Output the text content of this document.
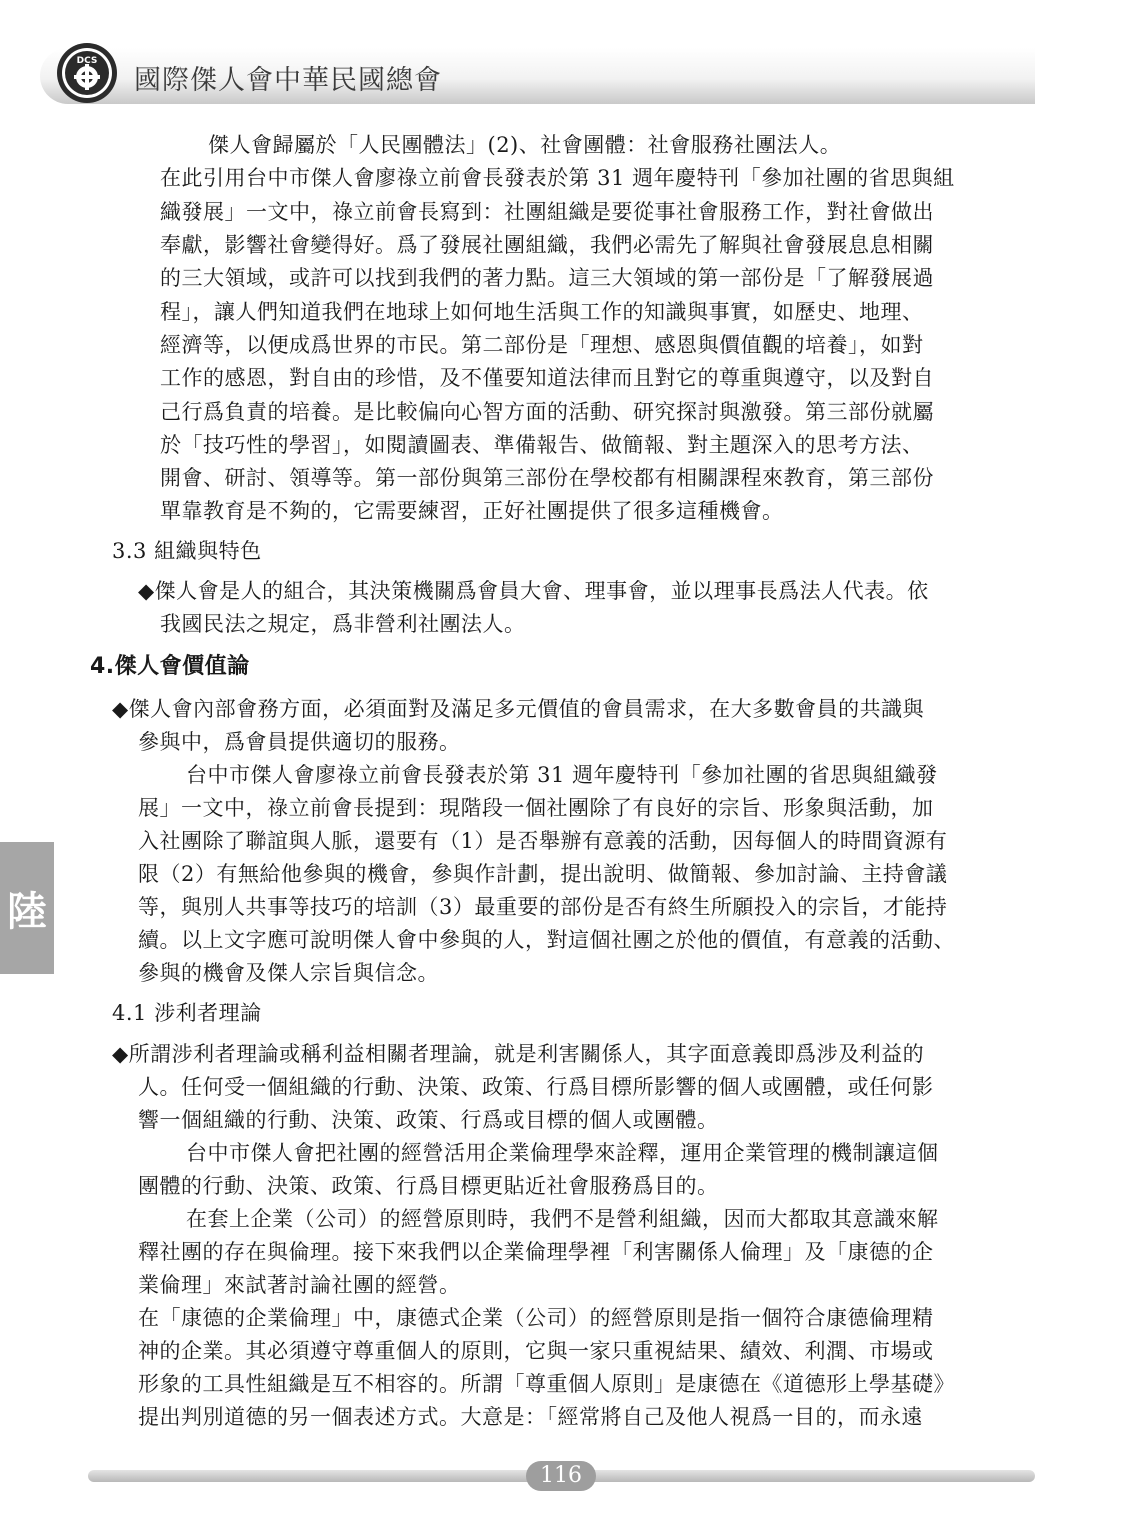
DCS
國際傑人會中華民國總會
陸
傑人會歸屬於「人民團體法」(2)、社會團體：社會服務社團法人。
在此引用台中市傑人會廖祿立前會長發表於第 31 週年慶特刊「參加社團的省思與組
織發展」一文中，祿立前會長寫到：社團組織是要從事社會服務工作，對社會做出
奉獻，影響社會變得好。爲了發展社團組織，我們必需先了解與社會發展息息相關
的三大領域，或許可以找到我們的著力點。這三大領域的第一部份是「了解發展過
程」，讓人們知道我們在地球上如何地生活與工作的知識與事實，如歷史、地理、
經濟等，以便成爲世界的市民。第二部份是「理想、感恩與價值觀的培養」，如對
工作的感恩，對自由的珍惜，及不僅要知道法律而且對它的尊重與遵守，以及對自
己行爲負責的培養。是比較偏向心智方面的活動、研究探討與激發。第三部份就屬
於「技巧性的學習」，如閱讀圖表、準備報告、做簡報、對主題深入的思考方法、
開會、研討、領導等。第一部份與第三部份在學校都有相關課程來教育，第三部份
單靠教育是不夠的，它需要練習，正好社團提供了很多這種機會。
3.3 組織與特色
◆傑人會是人的組合，其決策機關爲會員大會、理事會，並以理事長爲法人代表。依
我國民法之規定，爲非營利社團法人。
4.傑人會價值論
◆傑人會內部會務方面，必須面對及滿足多元價值的會員需求，在大多數會員的共識與
參與中，爲會員提供適切的服務。
台中市傑人會廖祿立前會長發表於第 31 週年慶特刊「參加社團的省思與組織發
展」一文中，祿立前會長提到：現階段一個社團除了有良好的宗旨、形象與活動，加
入社團除了聯誼與人脈，還要有（1）是否舉辦有意義的活動，因每個人的時間資源有
限（2）有無給他參與的機會，參與作計劃，提出說明、做簡報、參加討論、主持會議
等，與別人共事等技巧的培訓（3）最重要的部份是否有終生所願投入的宗旨，才能持
續。以上文字應可說明傑人會中參與的人，對這個社團之於他的價值，有意義的活動、
參與的機會及傑人宗旨與信念。
4.1 涉利者理論
◆所謂涉利者理論或稱利益相關者理論，就是利害關係人，其字面意義即爲涉及利益的
人。任何受一個組織的行動、決策、政策、行爲目標所影響的個人或團體，或任何影
響一個組織的行動、決策、政策、行爲或目標的個人或團體。
台中市傑人會把社團的經營活用企業倫理學來詮釋，運用企業管理的機制讓這個
團體的行動、決策、政策、行爲目標更貼近社會服務爲目的。
在套上企業（公司）的經營原則時，我們不是營利組織，因而大都取其意識來解
釋社團的存在與倫理。接下來我們以企業倫理學裡「利害關係人倫理」及「康德的企
業倫理」來試著討論社團的經營。
在「康德的企業倫理」中，康德式企業（公司）的經營原則是指一個符合康德倫理精
神的企業。其必須遵守尊重個人的原則，它與一家只重視結果、績效、利潤、市場或
形象的工具性組織是互不相容的。所謂「尊重個人原則」是康德在《道德形上學基礎》
提出判別道德的另一個表述方式。大意是：「經常將自己及他人視爲一目的，而永遠
116
